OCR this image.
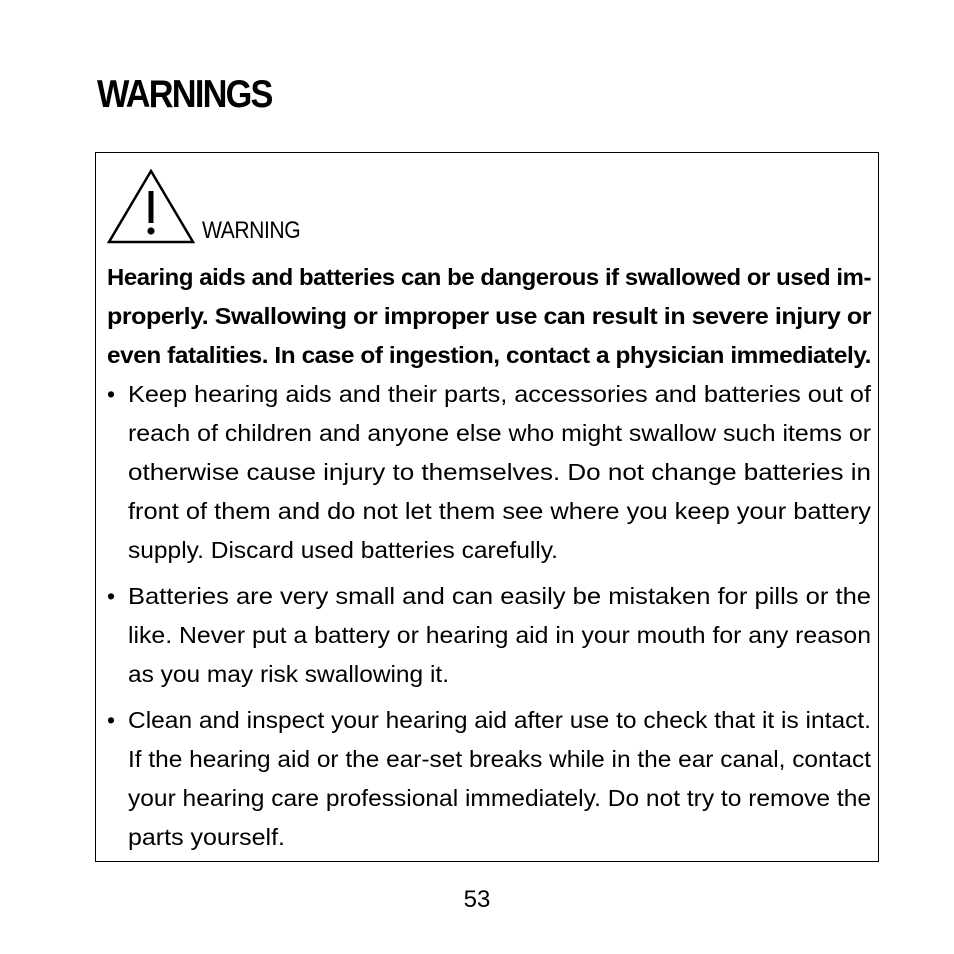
WARNINGS
WARNING
Hearing aids and batteries can be dangerous if swallowed or used im-
properly. Swallowing or improper use can result in severe injury or
even fatalities. In case of ingestion, contact a physician immediately.
• Keep hearing aids and their parts, accessories and batteries out of
reach of children and anyone else who might swallow such items or
otherwise cause injury to themselves. Do not change batteries in
front of them and do not let them see where you keep your battery
supply. Discard used batteries carefully.
• Batteries are very small and can easily be mistaken for pills or the
like. Never put a battery or hearing aid in your mouth for any reason
as you may risk swallowing it.
• Clean and inspect your hearing aid after use to check that it is intact.
If the hearing aid or the ear-set breaks while in the ear canal, contact
your hearing care professional immediately. Do not try to remove the
parts yourself.

53
